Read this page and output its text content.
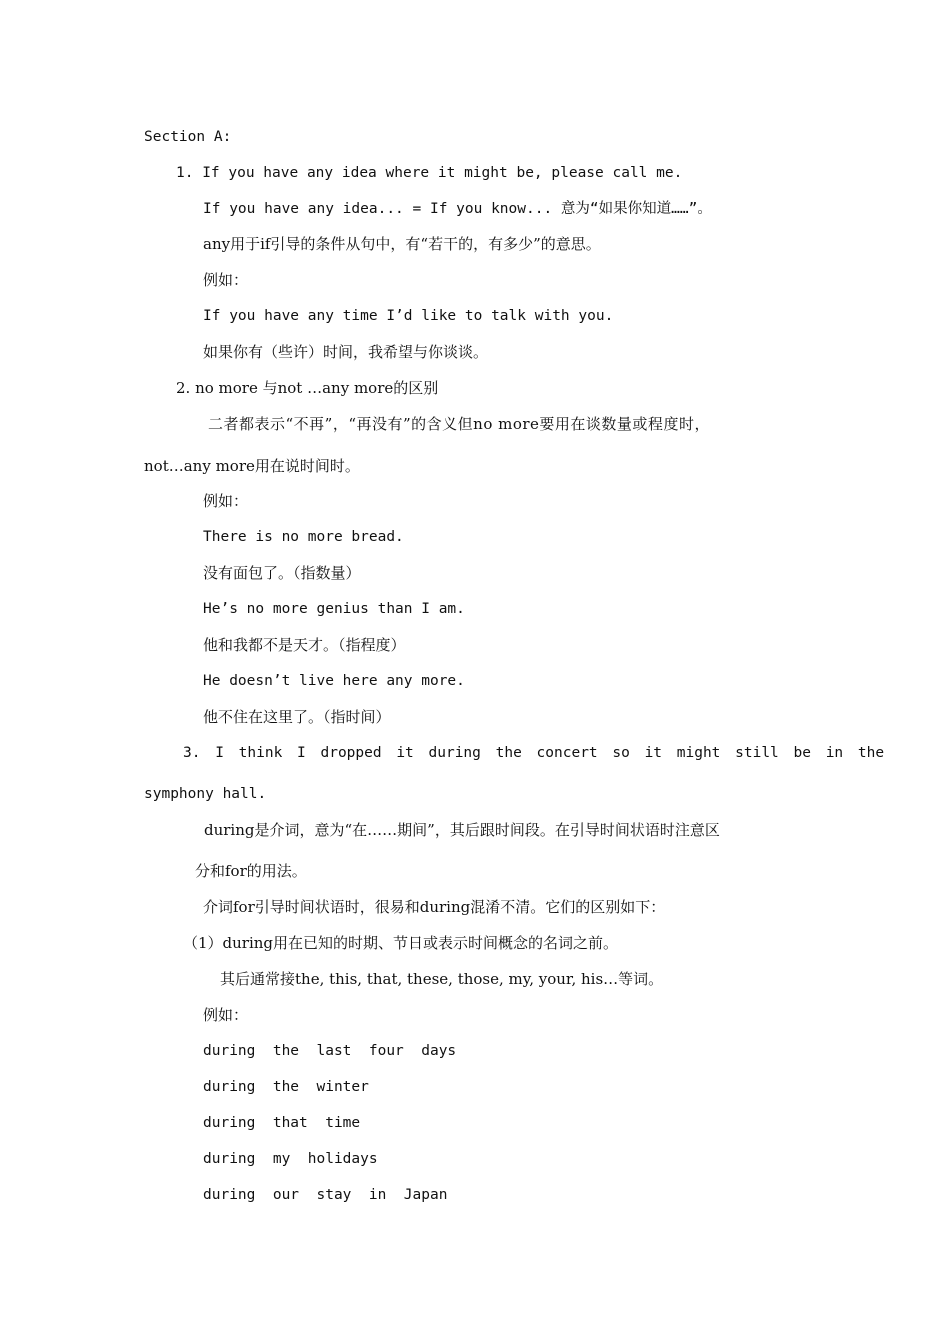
Section A:
1. If you have any idea where it might be, please call me.
If you have any idea... = If you know... 意为“如果你知道……”。
any用于if引导的条件从句中，有“若干的，有多少”的意思。
例如：
If you have any time I’d like to talk with you.
如果你有（些许）时间，我希望与你谈谈。
2. no more 与not …any more的区别
二者都表示“不再”，“再没有”的含义但no more要用在谈数量或程度时，
not…any more用在说时间时。
例如：
There is no more bread.
没有面包了。（指数量）
He’s no more genius than I am.
他和我都不是天才。（指程度）
He doesn’t live here any more.
他不住在这里了。（指时间）
3. I think I dropped it during the concert so it might still be in the
symphony hall.
during是介词，意为“在……期间”，其后跟时间段。在引导时间状语时注意区
分和for的用法。
介词for引导时间状语时，很易和during混淆不清。它们的区别如下：
（1）during用在已知的时期、节日或表示时间概念的名词之前。
其后通常接the, this, that, these, those, my, your, his…等词。
例如：
during  the  last  four  days
during  the  winter
during  that  time
during  my  holidays
during  our  stay  in  Japan
